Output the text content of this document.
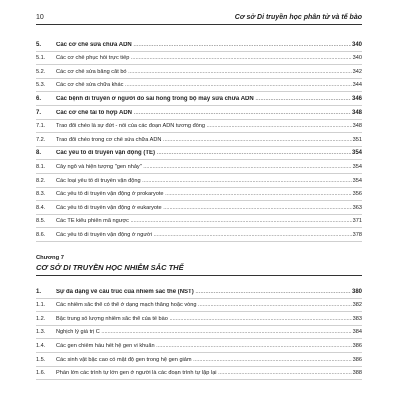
10	Cơ sở Di truyền học phân tử và tế bào
5.	Các cơ chế sửa chữa ADN .....	340
5.1.	Các cơ chế phục hồi trực tiếp .....	340
5.2.	Các cơ chế sửa bằng cắt bỏ .....	342
5.3.	Các cơ chế sửa chữa khác .....	344
6.	Các bệnh di truyền ở người do sai hỏng trong bộ máy sửa chữa ADN .....	346
7.	Các cơ chế tái tổ hợp ADN .....	348
7.1.	Trao đổi chéo là sự đứt - nối của các đoạn ADN tương đồng .....	348
7.2.	Trao đổi chéo trong cơ chế sửa chữa ADN .....	351
8.	Các yếu tố di truyền vận động (TE) .....	354
8.1.	Cây ngô và hiện tượng "gen nhảy" .....	354
8.2.	Các loại yếu tố di truyền vận động .....	354
8.3.	Các yếu tố di truyền vận động ở prokaryote .....	356
8.4.	Các yếu tố di truyền vận động ở eukaryote .....	363
8.5.	Các TE kiểu phiên mã ngược .....	371
8.6.	Các yếu tố di truyền vận động ở người .....	378
Chương 7
CƠ SỞ DI TRUYỀN HỌC NHIỄM SẮC THỂ
1.	Sự đa dạng về cấu trúc của nhiễm sắc thể (NST) .....	380
1.1.	Các nhiễm sắc thể có thể ở dạng mạch thẳng hoặc vòng .....	382
1.2.	Bậc trung số lượng nhiễm sắc thể của tế bào .....	383
1.3.	Nghịch lý giá trị C .....	384
1.4.	Các gen chiếm hầu hết hệ gen vi khuẩn .....	386
1.5.	Các sinh vật bậc cao có mật độ gen trong hệ gen giảm .....	386
1.6.	Phần lớn các trình tự lớn gen ở người là các đoạn trình tự lặp lại .....	388
